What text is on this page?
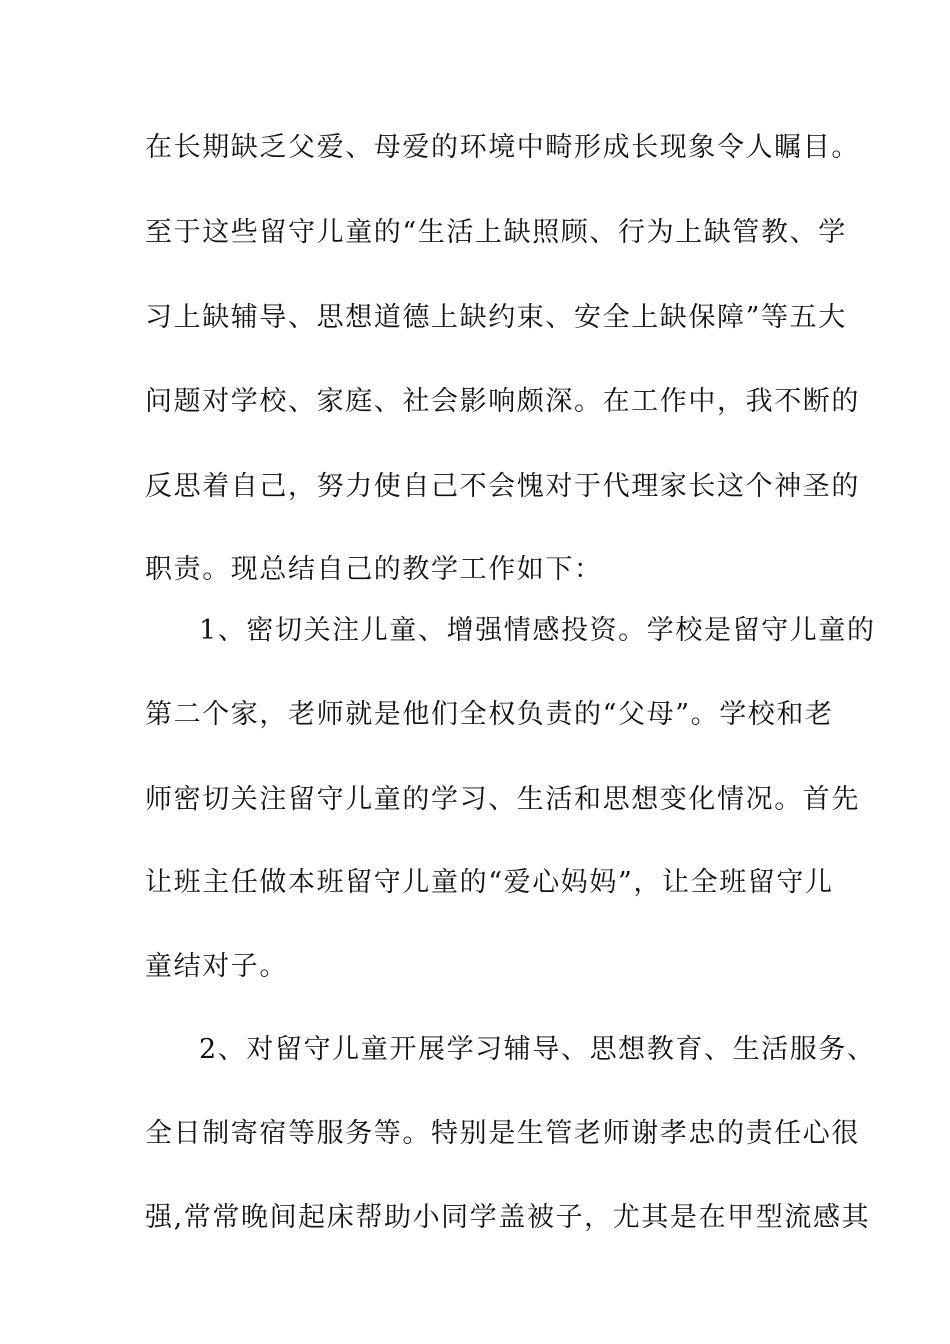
在长期缺乏父爱、母爱的环境中畸形成长现象令人瞩目。
至于这些留守儿童的“生活上缺照顾、行为上缺管教、学
习上缺辅导、思想道德上缺约束、安全上缺保障”等五大
问题对学校、家庭、社会影响颇深。在工作中，我不断的
反思着自己，努力使自己不会愧对于代理家长这个神圣的
职责。现总结自己的教学工作如下：
1、密切关注儿童、增强情感投资。学校是留守儿童的
第二个家，老师就是他们全权负责的“父母”。学校和老
师密切关注留守儿童的学习、生活和思想变化情况。首先
让班主任做本班留守儿童的“爱心妈妈”，让全班留守儿
童结对子。
2、对留守儿童开展学习辅导、思想教育、生活服务、
全日制寄宿等服务等。特别是生管老师谢孝忠的责任心很
强,常常晚间起床帮助小同学盖被子，尤其是在甲型流感其
